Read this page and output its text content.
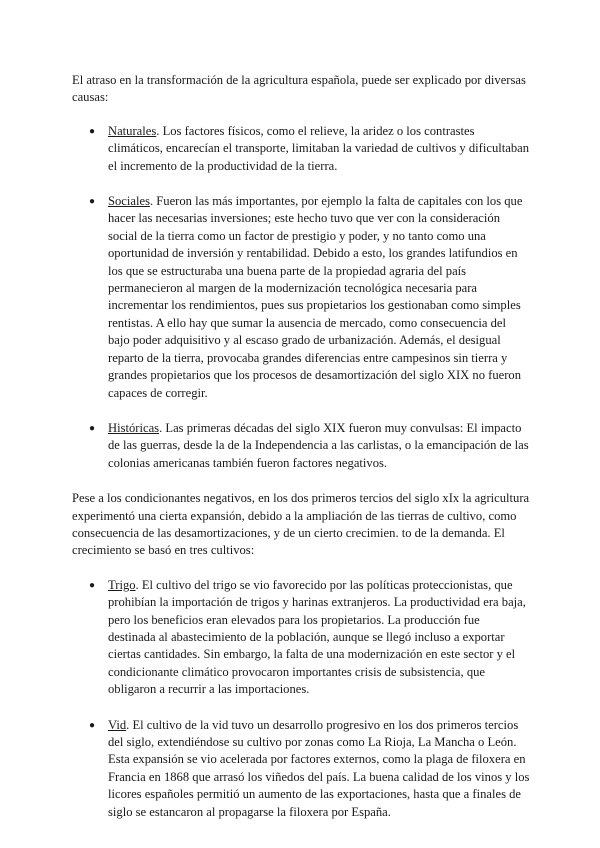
El atraso en la transformación de la agricultura española, puede ser explicado por diversas causas:

● Naturales. Los factores físicos, como el relieve, la aridez o los contrastes climáticos, encarecían el transporte, limitaban la variedad de cultivos y dificultaban el incremento de la productividad de la tierra.
● Sociales. Fueron las más importantes, por ejemplo la falta de capitales con los que hacer las necesarias inversiones; este hecho tuvo que ver con la consideración social de la tierra como un factor de prestigio y poder, y no tanto como una oportunidad de inversión y rentabilidad. Debido a esto, los grandes latifundios en los que se estructuraba una buena parte de la propiedad agraria del país permanecieron al margen de la modernización tecnológica necesaria para incrementar los rendimientos, pues sus propietarios los gestionaban como simples rentistas. A ello hay que sumar la ausencia de mercado, como consecuencia del bajo poder adquisitivo y al escaso grado de urbanización. Además, el desigual reparto de la tierra, provocaba grandes diferencias entre campesinos sin tierra y grandes propietarios que los procesos de desamortización del siglo XIX no fueron capaces de corregir.
● Históricas. Las primeras décadas del siglo XIX fueron muy convulsas: El impacto de las guerras, desde la de la Independencia a las carlistas, o la emancipación de las colonias americanas también fueron factores negativos.

Pese a los condicionantes negativos, en los dos primeros tercios del siglo xIx la agricultura experimentó una cierta expansión, debido a la ampliación de las tierras de cultivo, como consecuencia de las desamortizaciones, y de un cierto crecimien. to de la demanda. El crecimiento se basó en tres cultivos:

● Trigo. El cultivo del trigo se vio favorecido por las políticas proteccionistas, que prohibían la importación de trigos y harinas extranjeros. La productividad era baja, pero los beneficios eran elevados para los propietarios. La producción fue destinada al abastecimiento de la población, aunque se llegó incluso a exportar ciertas cantidades. Sin embargo, la falta de una modernización en este sector y el condicionante climático provocaron importantes crisis de subsistencia, que obligaron a recurrir a las importaciones.
● Vid. El cultivo de la vid tuvo un desarrollo progresivo en los dos primeros tercios del siglo, extendiéndose su cultivo por zonas como La Rioja, La Mancha o León. Esta expansión se vio acelerada por factores externos, como la plaga de filoxera en Francia en 1868 que arrasó los viñedos del país. La buena calidad de los vinos y los licores españoles permitió un aumento de las exportaciones, hasta que a finales de siglo se estancaron al propagarse la filoxera por España.
